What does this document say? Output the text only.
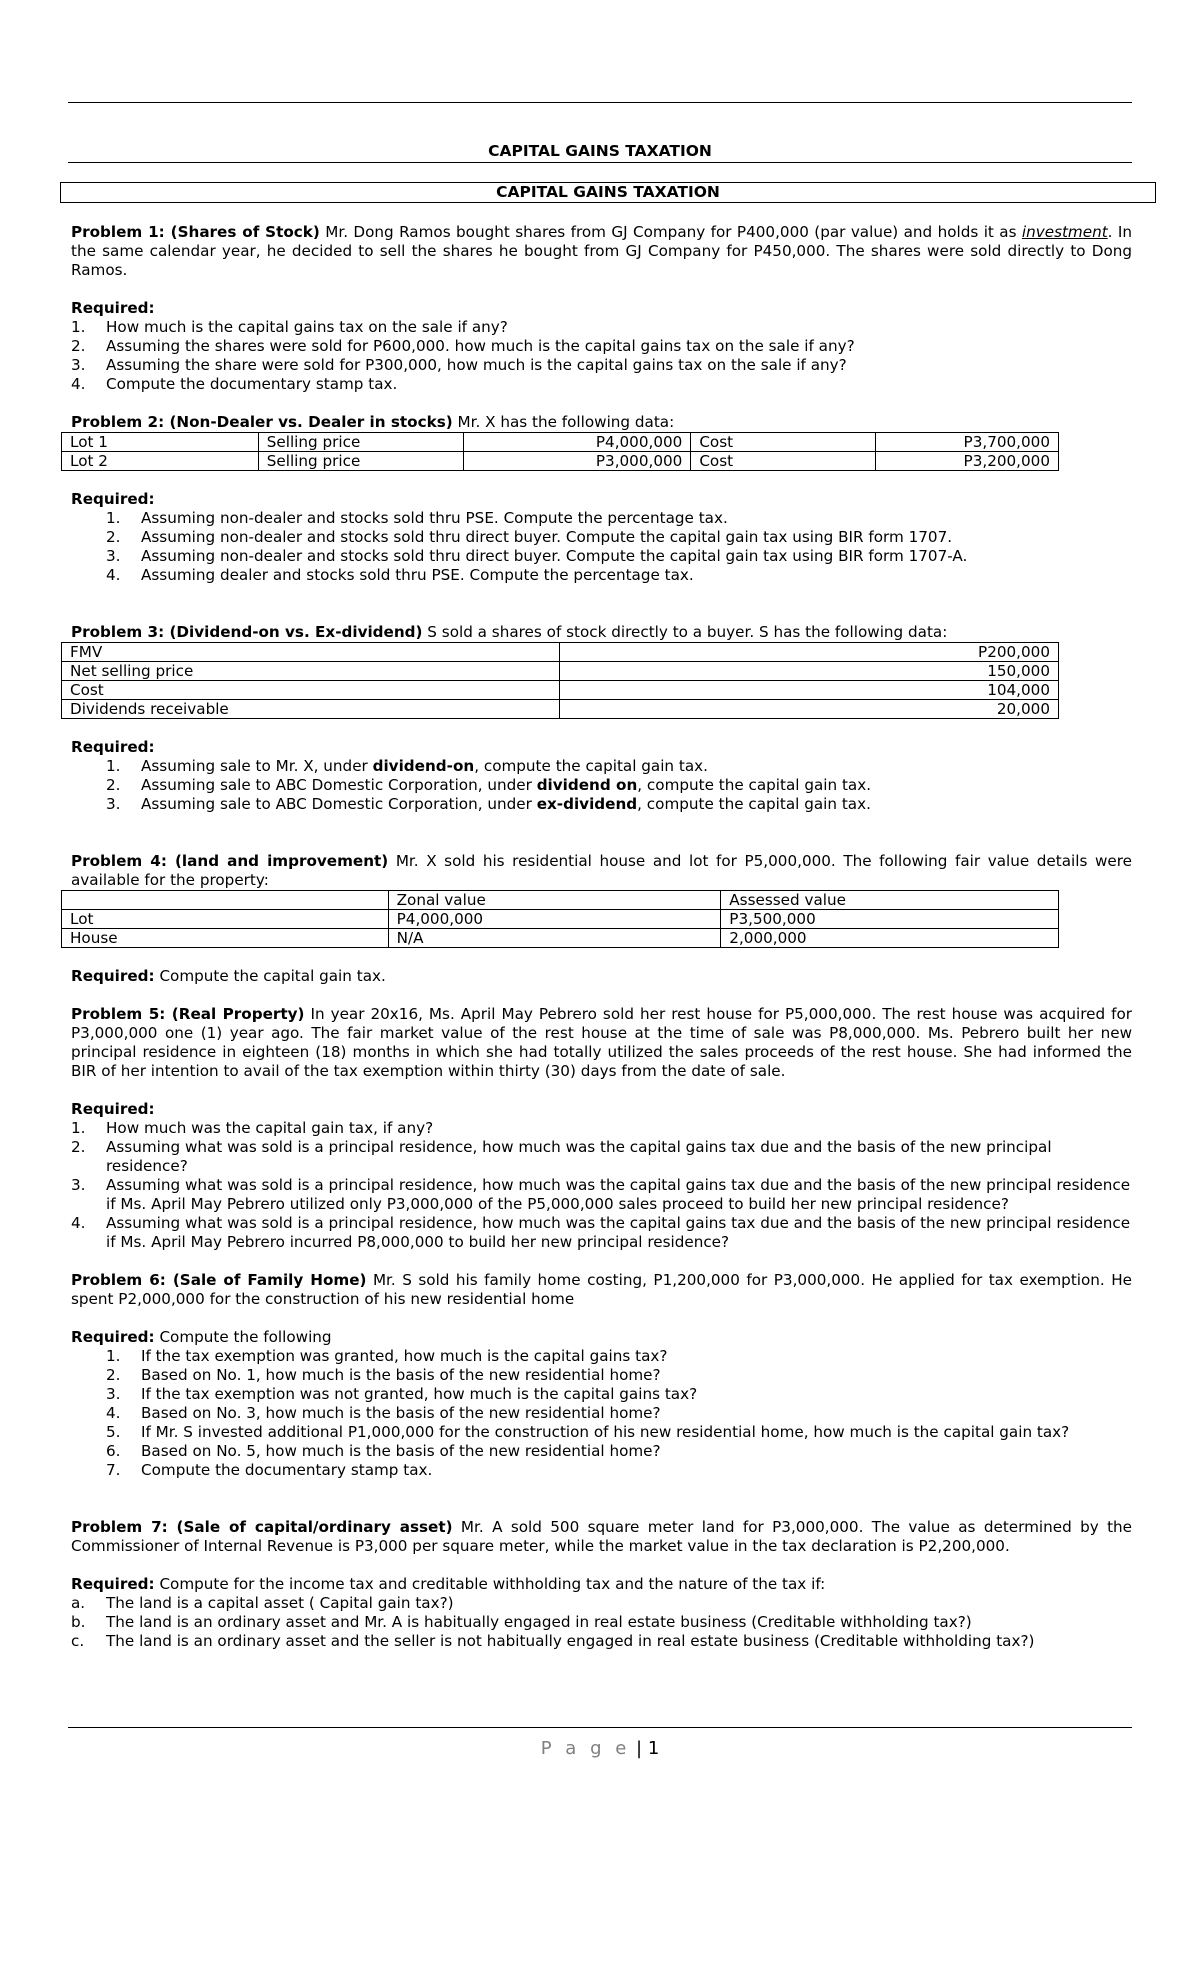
CAPITAL GAINS TAXATION
CAPITAL GAINS TAXATION

Problem 1: (Shares of Stock) Mr. Dong Ramos bought shares from GJ Company for P400,000 (par value) and holds it as investment. In the same calendar year, he decided to sell the shares he bought from GJ Company for P450,000. The shares were sold directly to Dong Ramos.

Required:

1.	How much is the capital gains tax on the sale if any?
2.	Assuming the shares were sold for P600,000. how much is the capital gains tax on the sale if any?
3.	Assuming the share were sold for P300,000, how much is the capital gains tax on the sale if any?
4.	Compute the documentary stamp tax.

Problem 2: (Non-Dealer vs. Dealer in stocks) Mr. X has the following data:

Lot 1	Selling price	P4,000,000	Cost	P3,700,000
Lot 2	Selling price	P3,000,000	Cost	P3,200,000

Required:

1.	Assuming non-dealer and stocks sold thru PSE. Compute the percentage tax.
2.	Assuming non-dealer and stocks sold thru direct buyer. Compute the capital gain tax using BIR form 1707.
3.	Assuming non-dealer and stocks sold thru direct buyer. Compute the capital gain tax using BIR form 1707-A.
4.	Assuming dealer and stocks sold thru PSE. Compute the percentage tax.

Problem 3: (Dividend-on vs. Ex-dividend) S sold a shares of stock directly to a buyer. S has the following data:

FMV	P200,000
Net selling price	150,000
Cost	104,000
Dividends receivable	20,000

Required:

1.	Assuming sale to Mr. X, under dividend-on, compute the capital gain tax.
2.	Assuming sale to ABC Domestic Corporation, under dividend on, compute the capital gain tax.
3.	Assuming sale to ABC Domestic Corporation, under ex-dividend, compute the capital gain tax.

Problem 4: (land and improvement) Mr. X sold his residential house and lot for P5,000,000. The following fair value details were available for the property:

	Zonal value	Assessed value
Lot	P4,000,000	P3,500,000
House	N/A	2,000,000

Required: Compute the capital gain tax.

Problem 5: (Real Property) In year 20x16, Ms. April May Pebrero sold her rest house for P5,000,000. The rest house was acquired for P3,000,000 one (1) year ago. The fair market value of the rest house at the time of sale was P8,000,000. Ms. Pebrero built her new principal residence in eighteen (18) months in which she had totally utilized the sales proceeds of the rest house. She had informed the BIR of her intention to avail of the tax exemption within thirty (30) days from the date of sale.

Required:

1.	How much was the capital gain tax, if any?
2.	Assuming what was sold is a principal residence, how much was the capital gains tax due and the basis of the new principal residence?
3.	Assuming what was sold is a principal residence, how much was the capital gains tax due and the basis of the new principal residence if Ms. April May Pebrero utilized only P3,000,000 of the P5,000,000 sales proceed to build her new principal residence?
4.	Assuming what was sold is a principal residence, how much was the capital gains tax due and the basis of the new principal residence if Ms. April May Pebrero incurred P8,000,000 to build her new principal residence?

Problem 6: (Sale of Family Home) Mr. S sold his family home costing, P1,200,000 for P3,000,000. He applied for tax exemption. He spent P2,000,000 for the construction of his new residential home

Required: Compute the following

1.	If the tax exemption was granted, how much is the capital gains tax?
2.	Based on No. 1, how much is the basis of the new residential home?
3.	If the tax exemption was not granted, how much is the capital gains tax?
4.	Based on No. 3, how much is the basis of the new residential home?
5.	If Mr. S invested additional P1,000,000 for the construction of his new residential home, how much is the capital gain tax?
6.	Based on No. 5, how much is the basis of the new residential home?
7.	Compute the documentary stamp tax.

Problem 7: (Sale of capital/ordinary asset) Mr. A sold 500 square meter land for P3,000,000. The value as determined by the Commissioner of Internal Revenue is P3,000 per square meter, while the market value in the tax declaration is P2,200,000.

Required: Compute for the income tax and creditable withholding tax and the nature of the tax if:

a.	The land is a capital asset ( Capital gain tax?)
b.	The land is an ordinary asset and Mr. A is habitually engaged in real estate business (Creditable withholding tax?)
c.	The land is an ordinary asset and the seller is not habitually engaged in real estate business (Creditable withholding tax?)
P a g e | 1
